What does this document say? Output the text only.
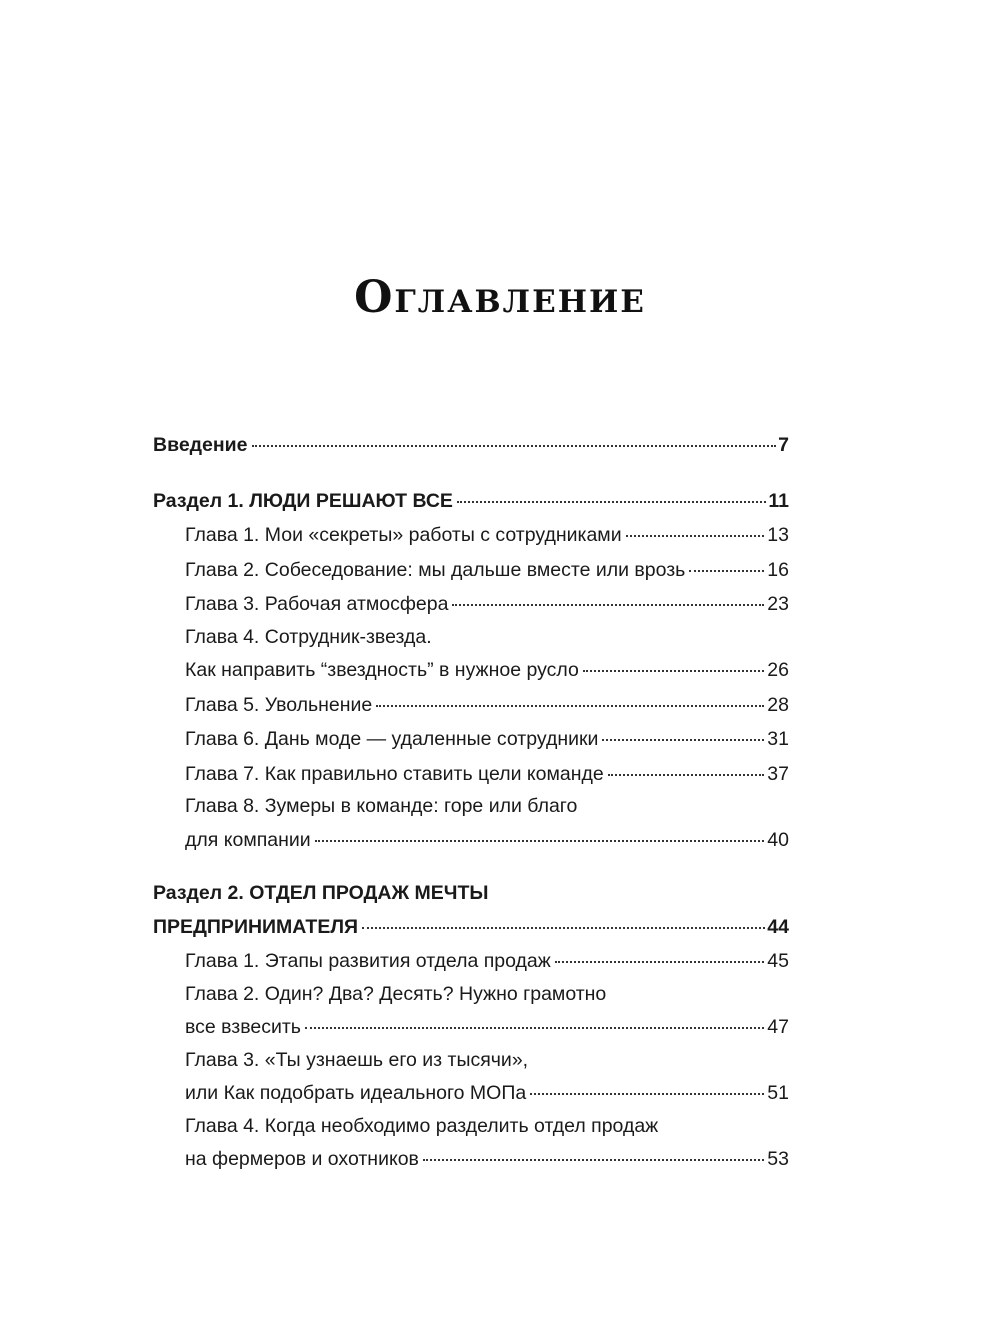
Оглавление
Введение	7
Раздел 1. ЛЮДИ РЕШАЮТ ВСЕ	11
Глава 1. Мои «секреты» работы с сотрудниками	13
Глава 2. Собеседование: мы дальше вместе или врозь	16
Глава 3. Рабочая атмосфера	23
Глава 4. Сотрудник-звезда.
Как направить “звездность” в нужное русло	26
Глава 5. Увольнение	28
Глава 6. Дань моде — удаленные сотрудники	31
Глава 7. Как правильно ставить цели команде	37
Глава 8. Зумеры в команде: горе или благо
для компании	40
Раздел 2. ОТДЕЛ ПРОДАЖ МЕЧТЫ
ПРЕДПРИНИМАТЕЛЯ	44
Глава 1. Этапы развития отдела продаж	45
Глава 2. Один? Два? Десять? Нужно грамотно
все взвесить	47
Глава 3. «Ты узнаешь его из тысячи»,
или Как подобрать идеального МОПа	51
Глава 4. Когда необходимо разделить отдел продаж
на фермеров и охотников	53
